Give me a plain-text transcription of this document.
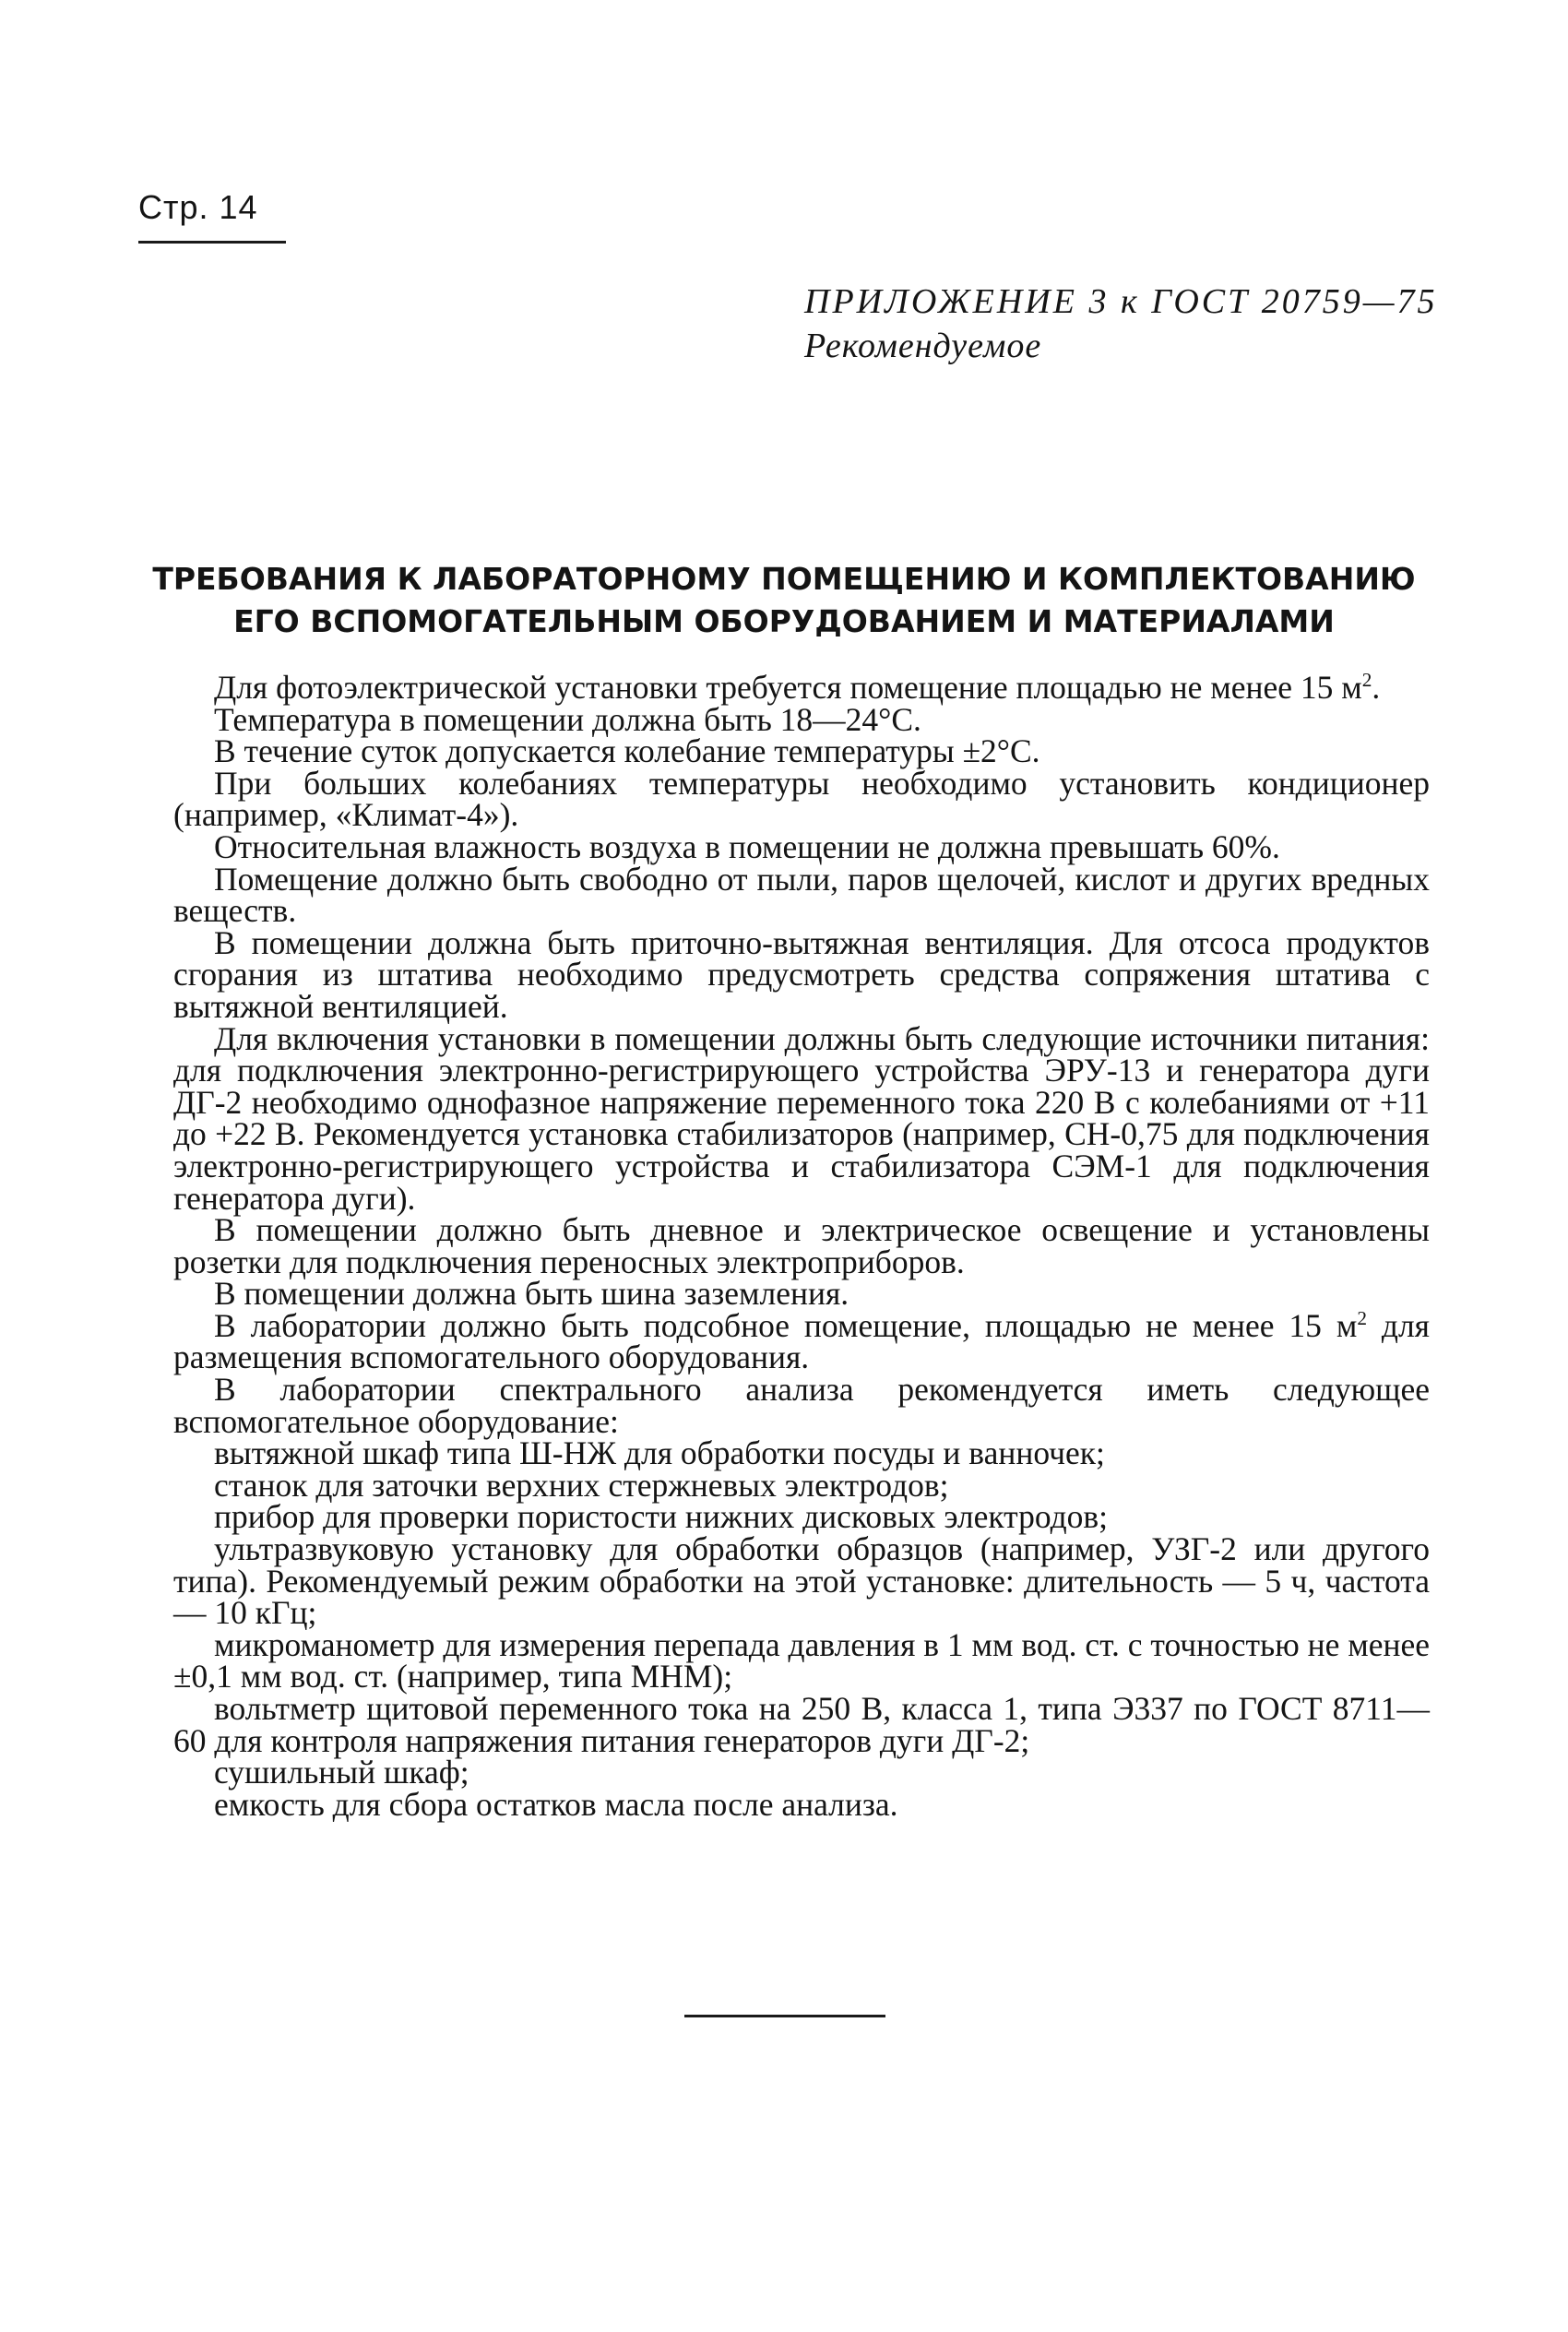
Стр. 14
ПРИЛОЖЕНИЕ 3 к ГОСТ 20759—75
Рекомендуемое
ТРЕБОВАНИЯ К ЛАБОРАТОРНОМУ ПОМЕЩЕНИЮ И КОМПЛЕКТОВАНИЮ
ЕГО ВСПОМОГАТЕЛЬНЫМ ОБОРУДОВАНИЕМ И МАТЕРИАЛАМИ

Для фотоэлектрической установки требуется помещение площадью не менее 15 $м^2$.

Температура в помещении должна быть 18—24°С.

В течение суток допускается колебание температуры ±2°С.

При больших колебаниях температуры необходимо установить кондиционер (например, «Климат-4»).

Относительная влажность воздуха в помещении не должна превышать 60%.

Помещение должно быть свободно от пыли, паров щелочей, кислот и других вредных веществ.

В помещении должна быть приточно-вытяжная вентиляция. Для отсоса продуктов сгорания из штатива необходимо предусмотреть средства сопряжения штатива с вытяжной вентиляцией.

Для включения установки в помещении должны быть следующие источники питания: для подключения электронно-регистрирующего устройства ЭРУ-13 и генератора дуги ДГ-2 необходимо однофазное напряжение переменного тока 220 В с колебаниями от +11 до +22 В. Рекомендуется установка стабилизаторов (например, СН-0,75 для подключения электронно-регистрирующего устройства и стабилизатора СЭМ-1 для подключения генератора дуги).

В помещении должно быть дневное и электрическое освещение и установлены розетки для подключения переносных электроприборов.

В помещении должна быть шина заземления.

В лаборатории должно быть подсобное помещение, площадью не менее 15 $м^2$ для размещения вспомогательного оборудования.

В лаборатории спектрального анализа рекомендуется иметь следующее вспомогательное оборудование:

вытяжной шкаф типа Ш-НЖ для обработки посуды и ванночек;

станок для заточки верхних стержневых электродов;

прибор для проверки пористости нижних дисковых электродов;

ультразвуковую установку для обработки образцов (например, УЗГ-2 или другого типа). Рекомендуемый режим обработки на этой установке: длительность — 5 ч, частота — 10 кГц;

микроманометр для измерения перепада давления в 1 мм вод. ст. с точностью не менее ±0,1 мм вод. ст. (например, типа МНМ);

вольтметр щитовой переменного тока на 250 В, класса 1, типа Э337 по ГОСТ 8711—60 для контроля напряжения питания генераторов дуги ДГ-2;

сушильный шкаф;

емкость для сбора остатков масла после анализа.
